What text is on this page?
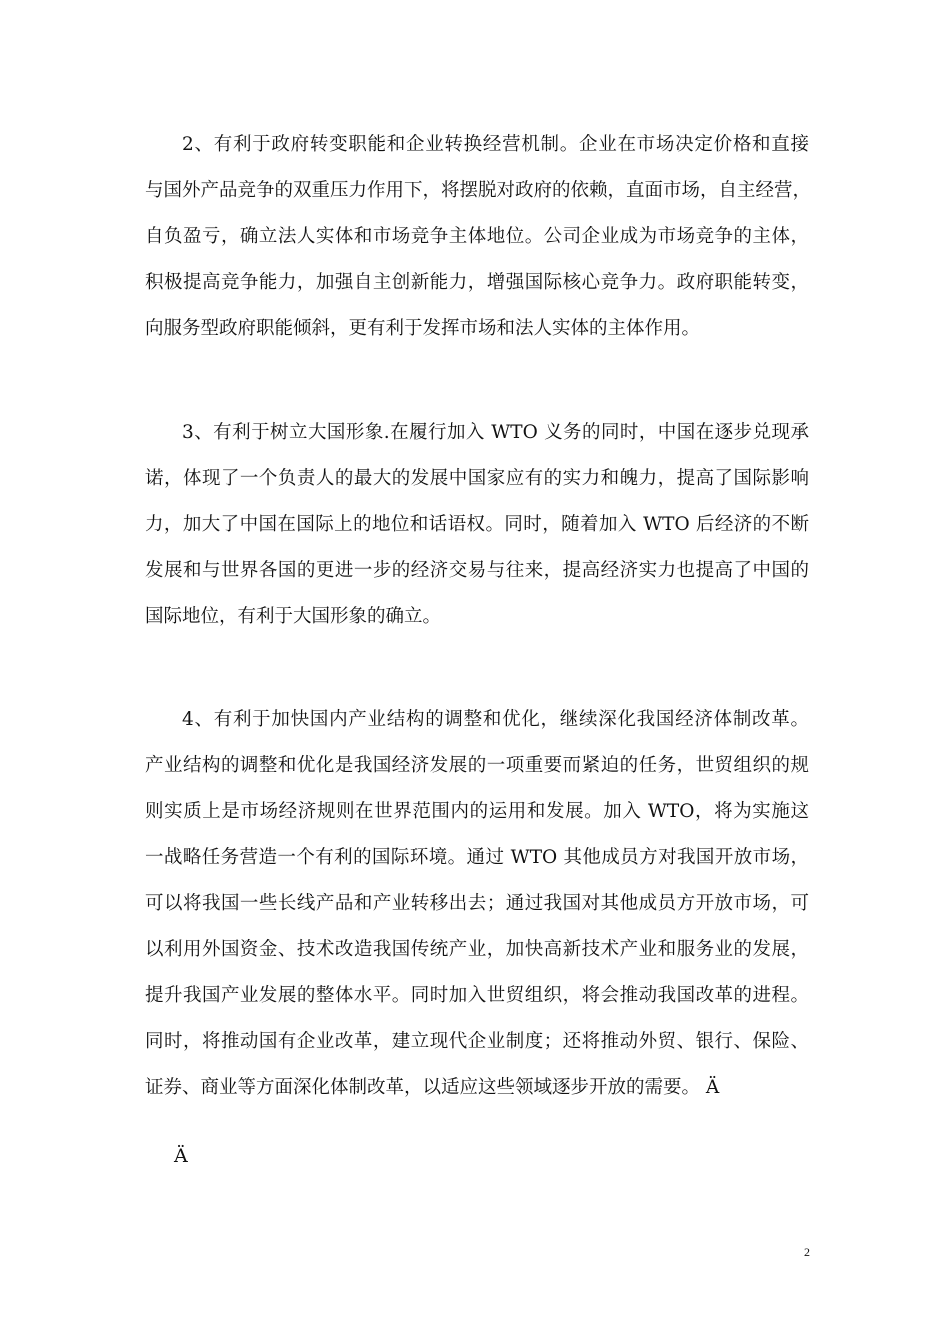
2、有利于政府转变职能和企业转换经营机制。企业在市场决定价格和直接
与国外产品竞争的双重压力作用下，将摆脱对政府的依赖，直面市场，自主经营，
自负盈亏，确立法人实体和市场竞争主体地位。公司企业成为市场竞争的主体，
积极提高竞争能力，加强自主创新能力，增强国际核心竞争力。政府职能转变，
向服务型政府职能倾斜，更有利于发挥市场和法人实体的主体作用。
3、有利于树立大国形象.在履行加入 WTO 义务的同时，中国在逐步兑现承
诺，体现了一个负责人的最大的发展中国家应有的实力和魄力，提高了国际影响
力，加大了中国在国际上的地位和话语权。同时，随着加入 WTO 后经济的不断
发展和与世界各国的更进一步的经济交易与往来，提高经济实力也提高了中国的
国际地位，有利于大国形象的确立。
4、有利于加快国内产业结构的调整和优化，继续深化我国经济体制改革。
产业结构的调整和优化是我国经济发展的一项重要而紧迫的任务，世贸组织的规
则实质上是市场经济规则在世界范围内的运用和发展。加入 WTO，将为实施这
一战略任务营造一个有利的国际环境。通过 WTO 其他成员方对我国开放市场，
可以将我国一些长线产品和产业转移出去；通过我国对其他成员方开放市场，可
以利用外国资金、技术改造我国传统产业，加快高新技术产业和服务业的发展，
提升我国产业发展的整体水平。同时加入世贸组织，将会推动我国改革的进程。
同时，将推动国有企业改革，建立现代企业制度；还将推动外贸、银行、保险、
证券、商业等方面深化体制改革，以适应这些领域逐步开放的需要。 Ä
Ä
2
